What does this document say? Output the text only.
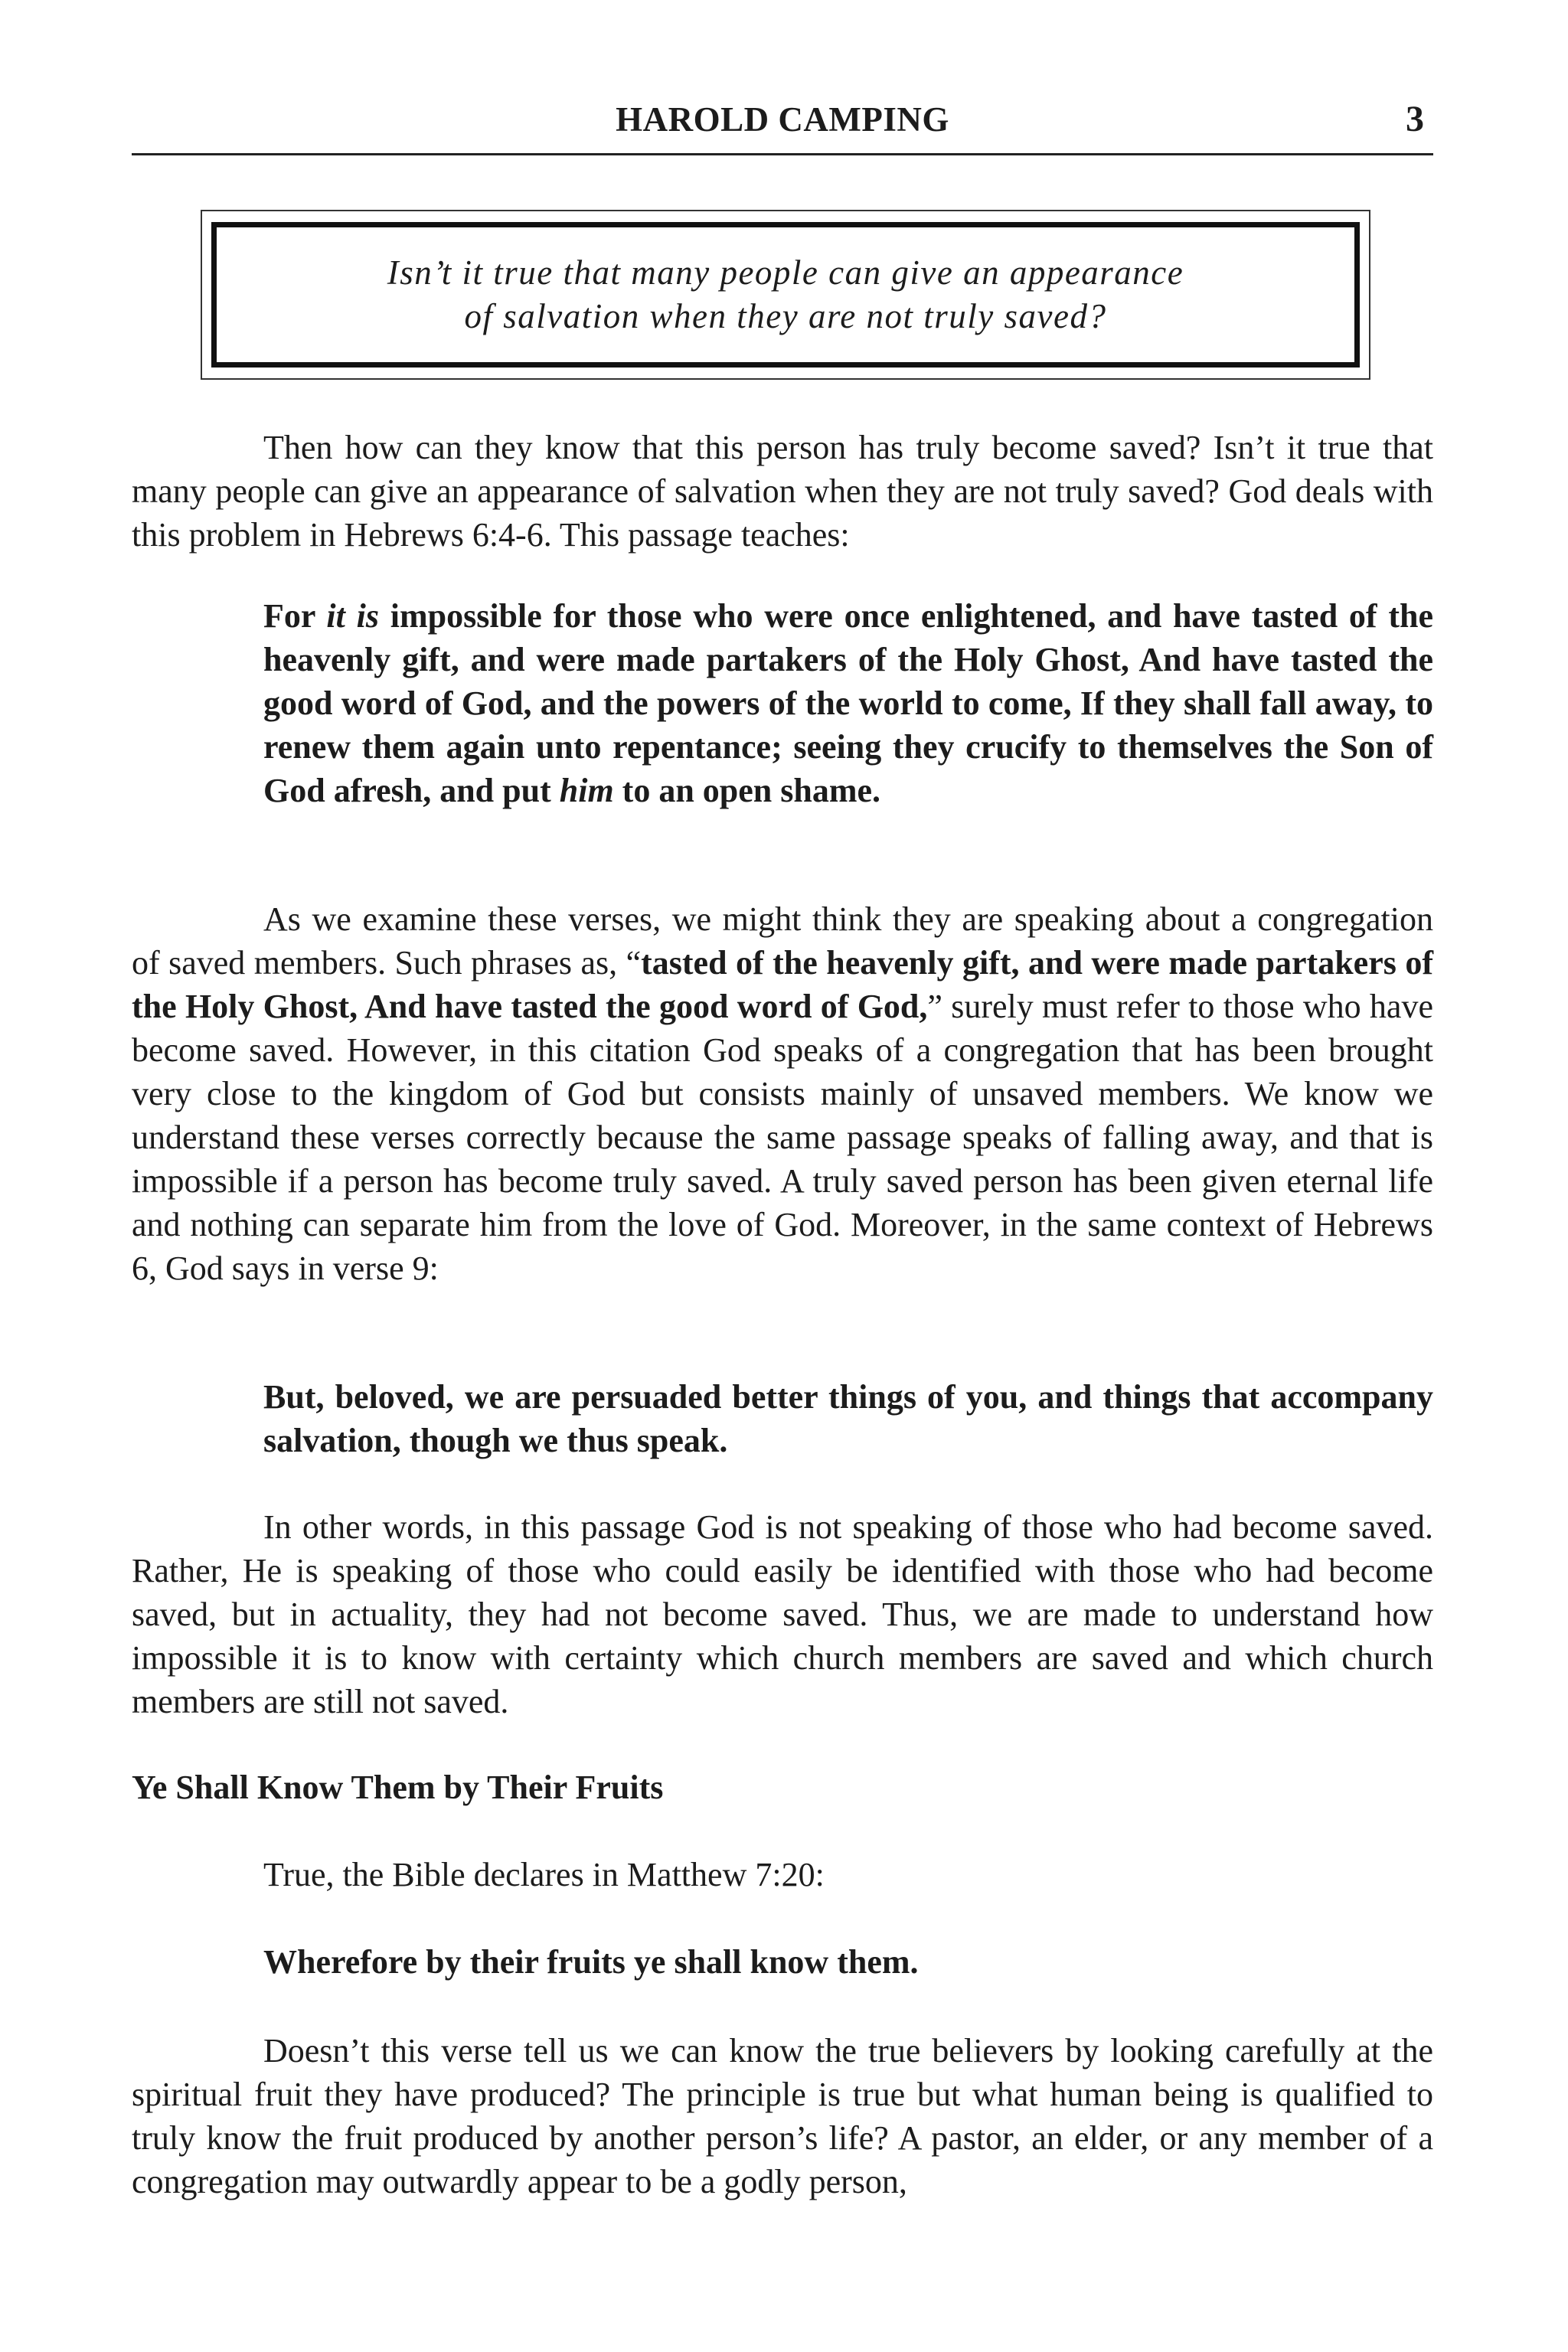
HAROLD CAMPING	3
Isn’t it true that many people can give an appearance
of salvation when they are not truly saved?

Then how can they know that this person has truly become saved? Isn’t it true that many people can give an appearance of salvation when they are not truly saved? God deals with this problem in Hebrews 6:4-6. This passage teaches:

For it is impossible for those who were once enlightened, and have tasted of the heavenly gift, and were made partakers of the Holy Ghost, And have tasted the good word of God, and the powers of the world to come, If they shall fall away, to renew them again unto repentance; seeing they crucify to themselves the Son of God afresh, and put him to an open shame.

As we examine these verses, we might think they are speaking about a congregation of saved members. Such phrases as, “tasted of the heavenly gift, and were made partakers of the Holy Ghost, And have tasted the good word of God,” surely must refer to those who have become saved. However, in this citation God speaks of a congregation that has been brought very close to the kingdom of God but consists mainly of unsaved members. We know we understand these verses correctly because the same passage speaks of falling away, and that is impossible if a person has become truly saved. A truly saved person has been given eternal life and nothing can separate him from the love of God. Moreover, in the same context of Hebrews 6, God says in verse 9:

But, beloved, we are persuaded better things of you, and things that accompany salvation, though we thus speak.

In other words, in this passage God is not speaking of those who had become saved. Rather, He is speaking of those who could easily be identified with those who had become saved, but in actuality, they had not become saved. Thus, we are made to understand how impossible it is to know with certainty which church members are saved and which church members are still not saved.

Ye Shall Know Them by Their Fruits

True, the Bible declares in Matthew 7:20:

Wherefore by their fruits ye shall know them.

Doesn’t this verse tell us we can know the true believers by looking carefully at the spiritual fruit they have produced? The principle is true but what human being is qualified to truly know the fruit produced by another person’s life? A pastor, an elder, or any member of a congregation may outwardly appear to be a godly person,
